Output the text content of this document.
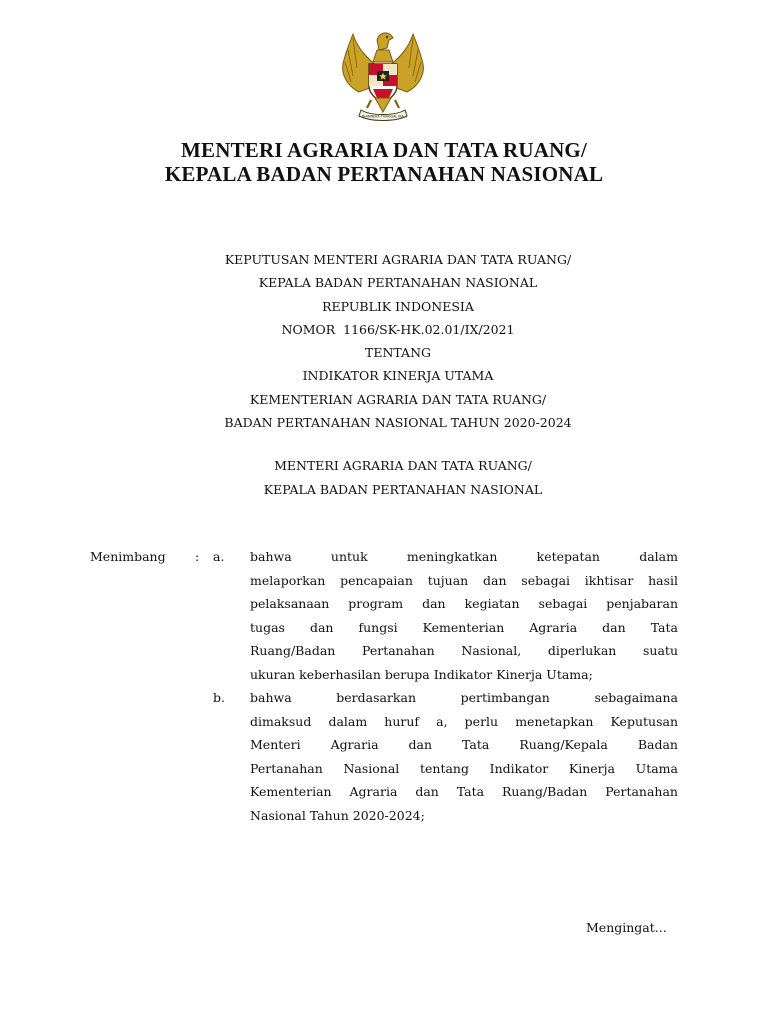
BHINNEKA TUNGGAL IKA
MENTERI AGRARIA DAN TATA RUANG/
KEPALA BADAN PERTANAHAN NASIONAL
KEPUTUSAN MENTERI AGRARIA DAN TATA RUANG/
KEPALA BADAN PERTANAHAN NASIONAL
REPUBLIK INDONESIA
NOMOR  1166/SK-HK.02.01/IX/2021
TENTANG
INDIKATOR KINERJA UTAMA
KEMENTERIAN AGRARIA DAN TATA RUANG/
BADAN PERTANAHAN NASIONAL TAHUN 2020-2024
MENTERI AGRARIA DAN TATA RUANG/
KEPALA BADAN PERTANAHAN NASIONAL
Menimbang : a. bahwa untuk meningkatkan ketepatan dalam
melaporkan pencapaian tujuan dan sebagai ikhtisar hasil
pelaksanaan program dan kegiatan sebagai penjabaran
tugas dan fungsi Kementerian Agraria dan Tata
Ruang/Badan Pertanahan Nasional, diperlukan suatu
ukuran keberhasilan berupa Indikator Kinerja Utama;
b. bahwa berdasarkan pertimbangan sebagaimana
dimaksud dalam huruf a, perlu menetapkan Keputusan
Menteri Agraria dan Tata Ruang/Kepala Badan
Pertanahan Nasional tentang Indikator Kinerja Utama
Kementerian Agraria dan Tata Ruang/Badan Pertanahan
Nasional Tahun 2020-2024;
Mengingat...
